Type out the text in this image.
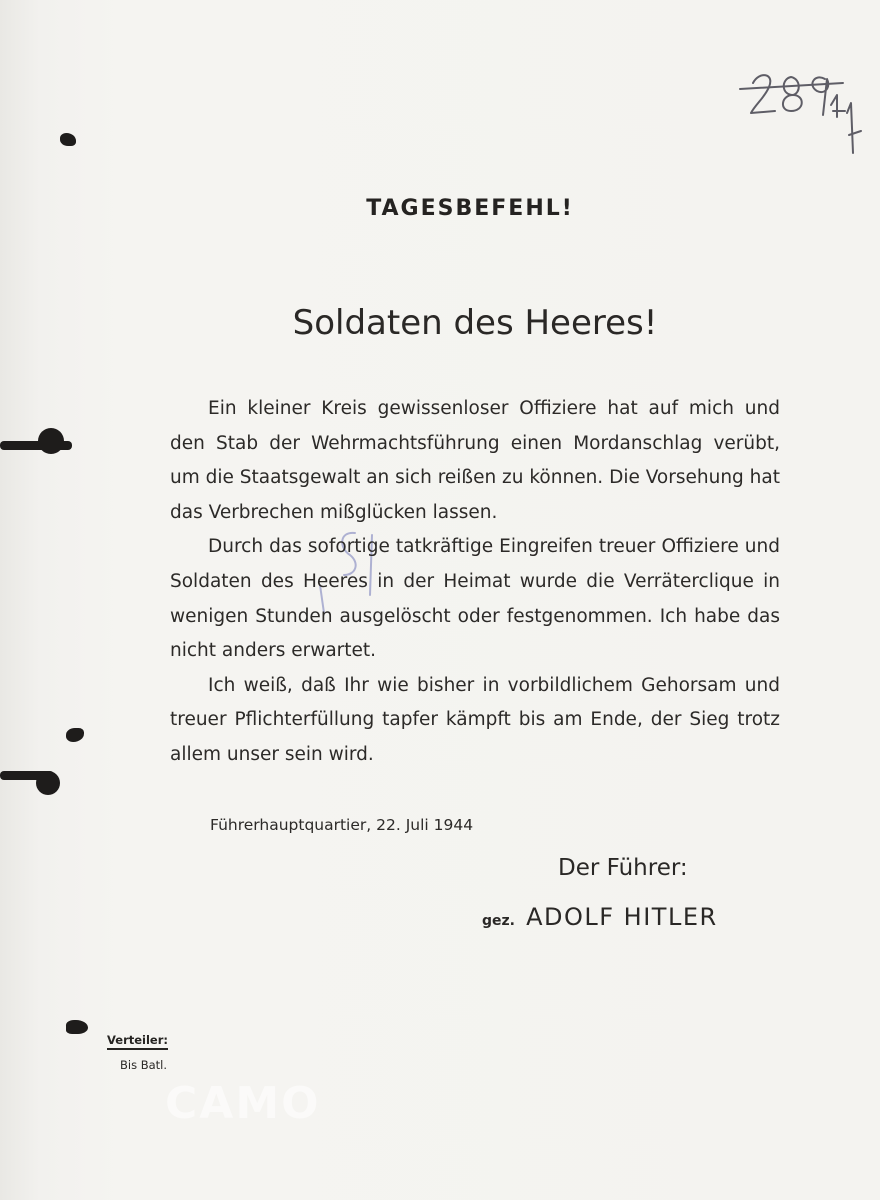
TAGESBEFEHL!
Soldaten des Heeres!

Ein kleiner Kreis gewissenloser Offiziere hat auf mich und den Stab der Wehrmachtsführung einen Mordanschlag verübt, um die Staatsgewalt an sich reißen zu können. Die Vorsehung hat das Verbrechen mißglücken lassen.

Durch das sofortige tatkräftige Eingreifen treuer Offiziere und Soldaten des Heeres in der Heimat wurde die Verräterclique in wenigen Stunden ausgelöscht oder festgenommen. Ich habe das nicht anders erwartet.

Ich weiß, daß Ihr wie bisher in vorbildlichem Gehorsam und treuer Pflichterfüllung tapfer kämpft bis am Ende, der Sieg trotz allem unser sein wird.

Führerhauptquartier, 22. Juli 1944
Der Führer:
gez. ADOLF HITLER
Verteiler:
Bis Batl.
CAMO
